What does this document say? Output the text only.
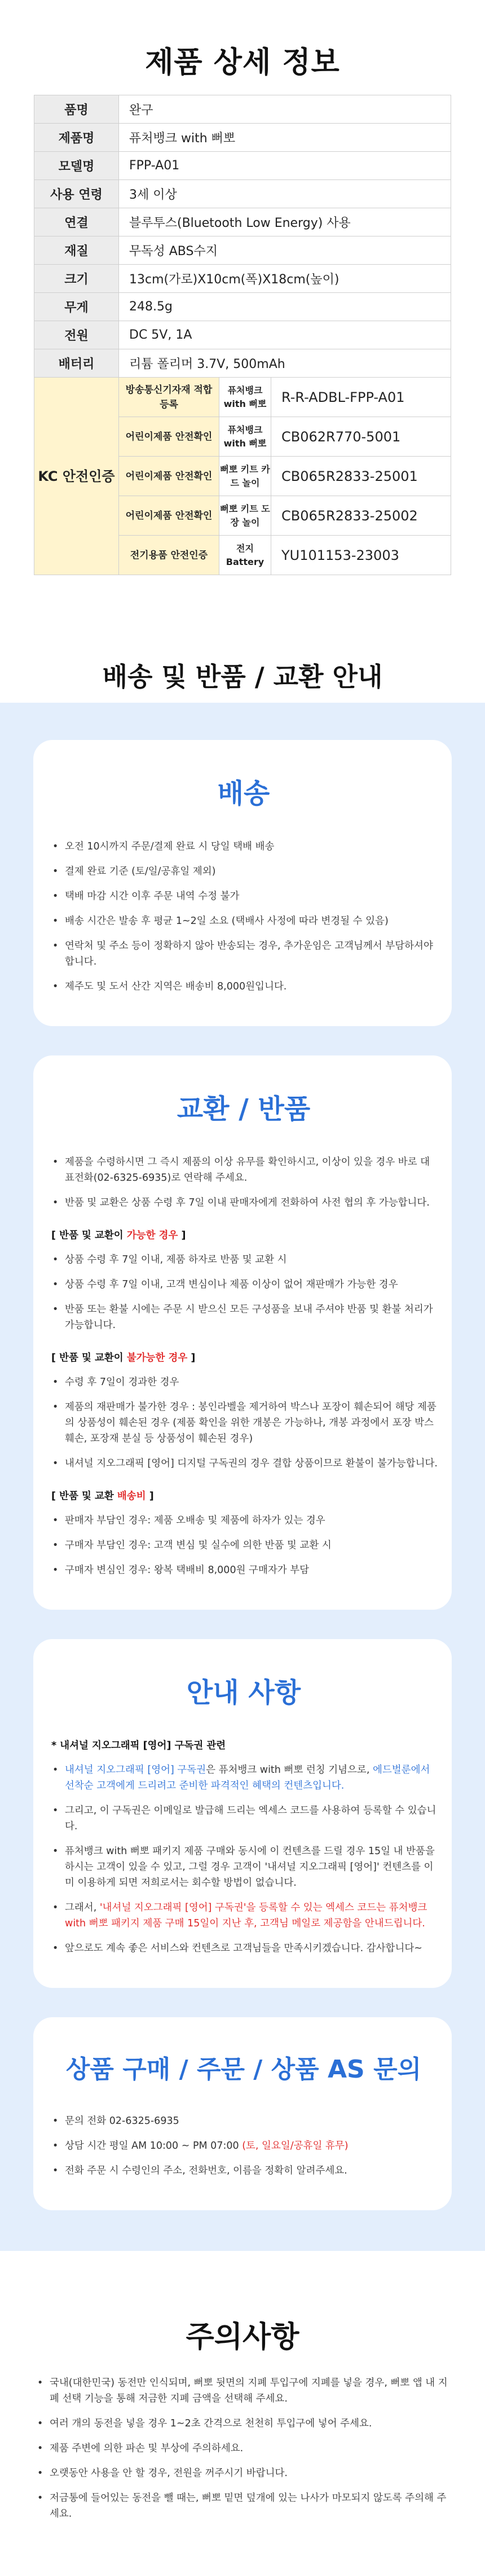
제품 상세 정보
품명	완구		
제품명	퓨처뱅크 with 뻐뽀		
모델명	FPP-A01		
사용 연령	3세 이상		
연결	블루투스(Bluetooth Low Energy) 사용		
재질	무독성 ABS수지		
크기	13cm(가로)X10cm(폭)X18cm(높이)		
무게	248.5g		
전원	DC 5V, 1A		
배터리	리튬 폴리머 3.7V, 500mAh		
KC 안전인증	방송통신기자재 적합 등록	퓨처뱅크 with 뻐뽀	R-R-ADBL-FPP-A01
	어린이제품 안전확인	퓨처뱅크 with 뻐뽀	CB062R770-5001
	어린이제품 안전확인	뻐뽀 키트 카드 놀이	CB065R2833-25001
	어린이제품 안전확인	뻐뽀 키트 도장 놀이	CB065R2833-25002
	전기용품 안전인증	전지 Battery	YU101153-23003
배송 및 반품 / 교환 안내
배송
• 오전 10시까지 주문/결제 완료 시 당일 택배 배송
• 결제 완료 기준 (토/일/공휴일 제외)
• 택배 마감 시간 이후 주문 내역 수정 불가
• 배송 시간은 발송 후 평균 1~2일 소요 (택배사 사정에 따라 변경될 수 있음)
• 연락처 및 주소 등이 정확하지 않아 반송되는 경우, 추가운임은 고객님께서 부담하셔야 합니다.
• 제주도 및 도서 산간 지역은 배송비 8,000원입니다.
교환 / 반품
• 제품을 수령하시면 그 즉시 제품의 이상 유무를 확인하시고, 이상이 있을 경우 바로 대표전화(02-6325-6935)로 연락해 주세요.
• 반품 및 교환은 상품 수령 후 7일 이내 판매자에게 전화하여 사전 협의 후 가능합니다.
[ 반품 및 교환이 가능한 경우 ]
• 상품 수령 후 7일 이내, 제품 하자로 반품 및 교환 시
• 상품 수령 후 7일 이내, 고객 변심이나 제품 이상이 없어 재판매가 가능한 경우
• 반품 또는 환불 시에는 주문 시 받으신 모든 구성품을 보내 주셔야 반품 및 환불 처리가 가능합니다.
[ 반품 및 교환이 불가능한 경우 ]
• 수령 후 7일이 경과한 경우
• 제품의 재판매가 불가한 경우 : 봉인라벨을 제거하여 박스나 포장이 훼손되어 해당 제품의 상품성이 훼손된 경우 (제품 확인을 위한 개봉은 가능하나, 개봉 과정에서 포장 박스 훼손, 포장재 분실 등 상품성이 훼손된 경우)
• 내셔널 지오그래픽 [영어] 디지털 구독권의 경우 결합 상품이므로 환불이 불가능합니다.
[ 반품 및 교환 배송비 ]
• 판매자 부담인 경우: 제품 오배송 및 제품에 하자가 있는 경우
• 구매자 부담인 경우: 고객 변심 및 실수에 의한 반품 및 교환 시
• 구매자 변심인 경우: 왕복 택배비 8,000원 구매자가 부담
안내 사항
* 내셔널 지오그래픽 [영어] 구독권 관련
• 내셔널 지오그래픽 [영어] 구독권은 퓨처뱅크 with 뻐뽀 런칭 기념으로, 에드벌룬에서 선착순 고객에게 드리려고 준비한 파격적인 혜택의 컨텐츠입니다.
• 그리고, 이 구독권은 이메일로 발급해 드리는 엑세스 코드를 사용하여 등록할 수 있습니다.
• 퓨처뱅크 with 뻐뽀 패키지 제품 구매와 동시에 이 컨텐츠를 드릴 경우 15일 내 반품을 하시는 고객이 있을 수 있고, 그럴 경우 고객이 '내셔널 지오그래픽 [영어]' 컨텐츠를 이미 이용하게 되면 저희로서는 회수할 방법이 없습니다.
• 그래서, '내셔널 지오그래픽 [영어] 구독권'을 등록할 수 있는 엑세스 코드는 퓨처뱅크 with 뻐뽀 패키지 제품 구매 15일이 지난 후, 고객님 메일로 제공함을 안내드립니다.
• 앞으로도 계속 좋은 서비스와 컨텐츠로 고객님들을 만족시키겠습니다. 감사합니다~
상품 구매 / 주문 / 상품 AS 문의
• 문의 전화 02-6325-6935
• 상담 시간 평일 AM 10:00 ~ PM 07:00 (토, 일요일/공휴일 휴무)
• 전화 주문 시 수령인의 주소, 전화번호, 이름을 정확히 알려주세요.
주의사항
• 국내(대한민국) 동전만 인식되며, 뻐뽀 뒷면의 지폐 투입구에 지폐를 넣을 경우, 뻐뽀 앱 내 지폐 선택 기능을 통해 저금한 지폐 금액을 선택해 주세요.
• 여러 개의 동전을 넣을 경우 1~2초 간격으로 천천히 투입구에 넣어 주세요.
• 제품 주변에 의한 파손 및 부상에 주의하세요.
• 오랫동안 사용을 안 할 경우, 전원을 꺼주시기 바랍니다.
• 저금통에 들어있는 동전을 뺄 때는, 뻐뽀 밑면 덮개에 있는 나사가 마모되지 않도록 주의해 주세요.
